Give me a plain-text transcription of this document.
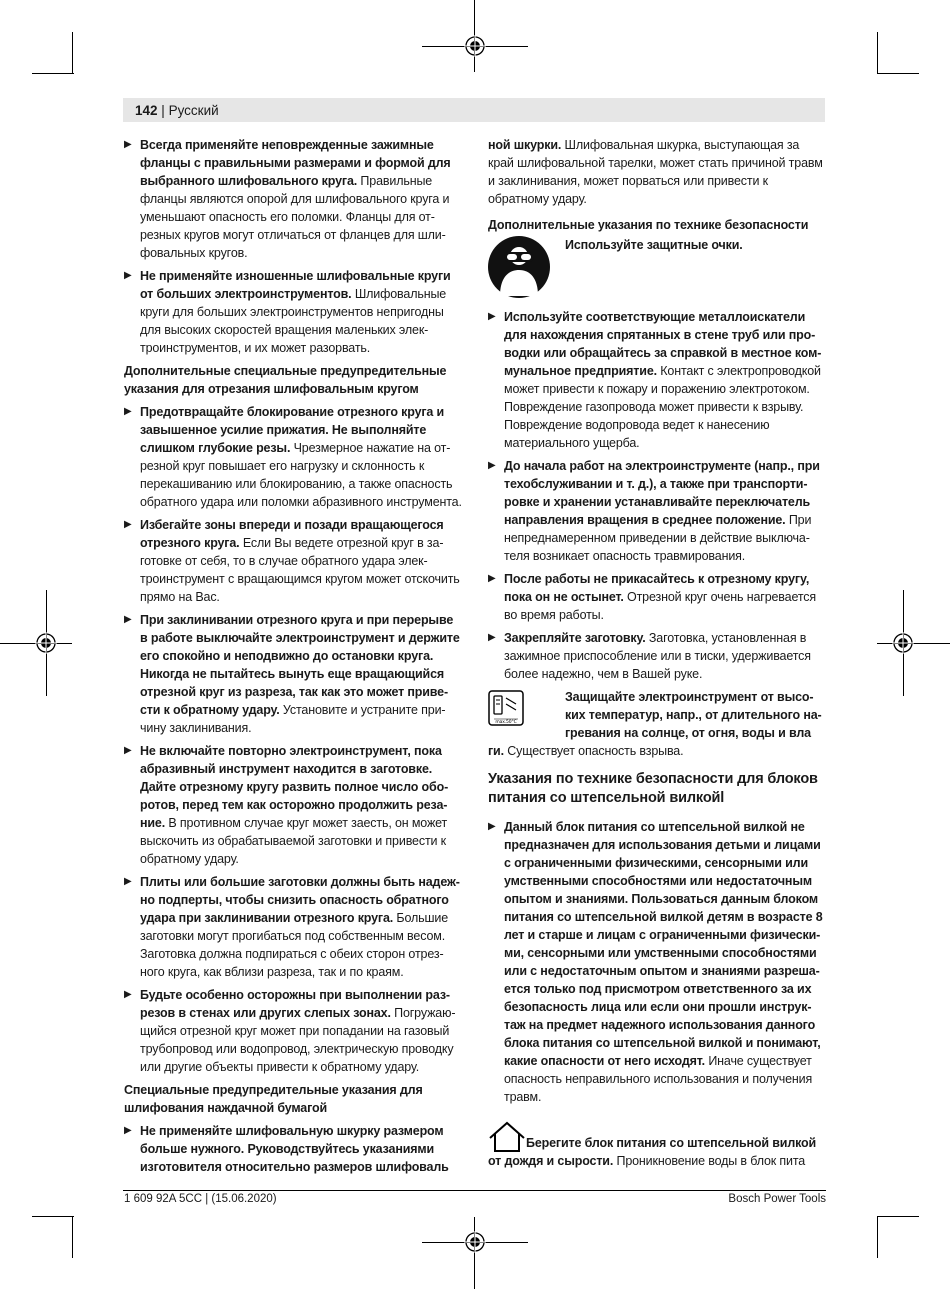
142 | Русский
▶ Всегда применяйте неповрежденные зажимные фланцы с правильными размерами и формой для выбранного шлифовального круга. Правильные фланцы являются опорой для шлифовального круга и уменьшают опасность его поломки. Фланцы для отрезных кругов могут отличаться от фланцев для шлифовальных кругов.
▶ Не применяйте изношенные шлифовальные круги от больших электроинструментов. Шлифовальные круги для больших электроинструментов непригодны для высоких скоростей вращения маленьких электроинструментов, и их может разорвать.
Дополнительные специальные предупредительные указания для отрезания шлифовальным кругом
▶ Предотвращайте блокирование отрезного круга и завышенное усилие прижатия. Не выполняйте слишком глубокие резы. Чрезмерное нажатие на отрезной круг повышает его нагрузку и склонность к перекашиванию или блокированию, а также опасность обратного удара или поломки абразивного инструмента.
▶ Избегайте зоны впереди и позади вращающегося отрезного круга. Если Вы ведете отрезной круг в заготовке от себя, то в случае обратного удара электроинструмент с вращающимся кругом может отскочить прямо на Вас.
▶ При заклинивании отрезного круга и при перерыве в работе выключайте электроинструмент и держите его спокойно и неподвижно до остановки круга. Никогда не пытайтесь вынуть еще вращающийся отрезной круг из разреза, так как это может привести к обратному удару. Установите и устраните причину заклинивания.
▶ Не включайте повторно электроинструмент, пока абразивный инструмент находится в заготовке. Дайте отрезному кругу развить полное число оборотов, перед тем как осторожно продолжить резание. В противном случае круг может заесть, он может выскочить из обрабатываемой заготовки и привести к обратному удару.
▶ Плиты или большие заготовки должны быть надежно подперты, чтобы снизить опасность обратного удара при заклинивании отрезного круга. Большие заготовки могут прогибаться под собственным весом. Заготовка должна подпираться с обеих сторон отрезного круга, как вблизи разреза, так и по краям.
▶ Будьте особенно осторожны при выполнении разрезов в стенах или других слепых зонах. Погружающийся отрезной круг может при попадании на газовый трубопровод или водопровод, электрическую проводку или другие объекты привести к обратному удару.
Специальные предупредительные указания для шлифования наждачной бумагой
▶ Не применяйте шлифовальную шкурку размером больше нужного. Руководствуйтесь указаниями изготовителя относительно размеров шлифоваль
ной шкурки. Шлифовальная шкурка, выступающая за край шлифовальной тарелки, может стать причиной травм и заклинивания, может порваться или привести к обратному удару.
Дополнительные указания по технике безопасности
Используйте защитные очки.
▶ Используйте соответствующие металлоискатели для нахождения спрятанных в стене труб или проводки или обращайтесь за справкой в местное коммунальное предприятие. Контакт с электропроводкой может привести к пожару и поражению электротоком. Повреждение газопровода может привести к взрыву. Повреждение водопровода ведет к нанесению материального ущерба.
▶ До начала работ на электроинструменте (напр., при техобслуживании и т. д.), а также при транспортировке и хранении устанавливайте переключатель направления вращения в среднее положение. При непреднамеренном приведении в действие выключателя возникает опасность травмирования.
▶ После работы не прикасайтесь к отрезному кругу, пока он не остынет. Отрезной круг очень нагревается во время работы.
▶ Закрепляйте заготовку. Заготовка, установленная в зажимное приспособление или в тиски, удерживается более надежно, чем в Вашей руке.
max.50°C
Защищайте электроинструмент от высоких температур, напр., от длительного нагревания на солнце, от огня, воды и вла
ги. Существует опасность взрыва.
Указания по технике безопасности для блоков питания со штепсельной вилкойl
▶ Данный блок питания со штепсельной вилкой не предназначен для использования детьми и лицами с ограниченными физическими, сенсорными или умственными способностями или недостаточным опытом и знаниями. Пользоваться данным блоком питания со штепсельной вилкой детям в возрасте 8 лет и старше и лицам с ограниченными физическими, сенсорными или умственными способностями или с недостаточным опытом и знаниями разрешается только под присмотром ответственного за их безопасность лица или если они прошли инструктаж на предмет надежного использования данного блока питания со штепсельной вилкой и понимают, какие опасности от него исходят. Иначе существует опасность неправильного использования и получения травм.
Берегите блок питания со штепсельной вилкой от дождя и сырости. Проникновение воды в блок пита
1 609 92A 5CC | (15.06.2020)	Bosch Power Tools
